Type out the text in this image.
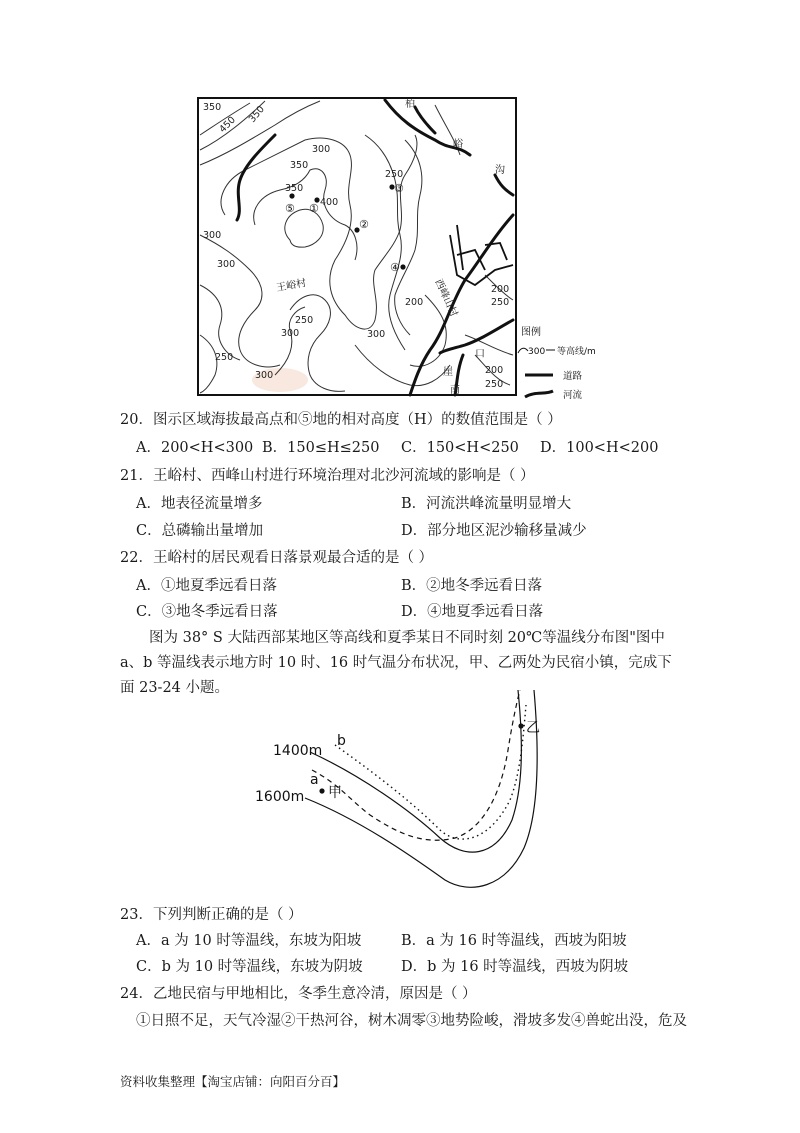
350
450 350
300
350
250
350
400
300
300
250
300
250
300
300
200
200
250
200
250
①
②
③
④
⑤
王峪村	西峰山村
柏
峪
沟
口
崖
南
图例
300 等高线/m
道路
河流
20．图示区域海拔最高点和⑤地的相对高度（H）的数值范围是（ ）
A．200<H<300 B．150≤H≤250 C．150<H<250 D．100<H<200
21．王峪村、西峰山村进行环境治理对北沙河流域的影响是（ ）
A．地表径流量增多	B．河流洪峰流量明显增大
C．总磷输出量增加	D．部分地区泥沙输移量减少
22．王峪村的居民观看日落景观最合适的是（ ）
A．①地夏季远看日落	B．②地冬季远看日落
C．③地冬季远看日落	D．④地夏季远看日落
图为 38° S 大陆西部某地区等高线和夏季某日不同时刻 20℃等温线分布图"图中 a、b 等温线表示地方时 10 时、16 时气温分布状况，甲、乙两处为民宿小镇，完成下面 23-24 小题。
1400m
1600m
b
a
甲
乙
23．下列判断正确的是（ ）
A．a 为 10 时等温线，东坡为阳坡	B．a 为 16 时等温线，西坡为阳坡
C．b 为 10 时等温线，东坡为阴坡	D．b 为 16 时等温线，西坡为阴坡
24．乙地民宿与甲地相比，冬季生意冷清，原因是（ ）
①日照不足，天气冷湿②干热河谷，树木凋零③地势险峻，滑坡多发④兽蛇出没，危及
资料收集整理【淘宝店铺：向阳百分百】
